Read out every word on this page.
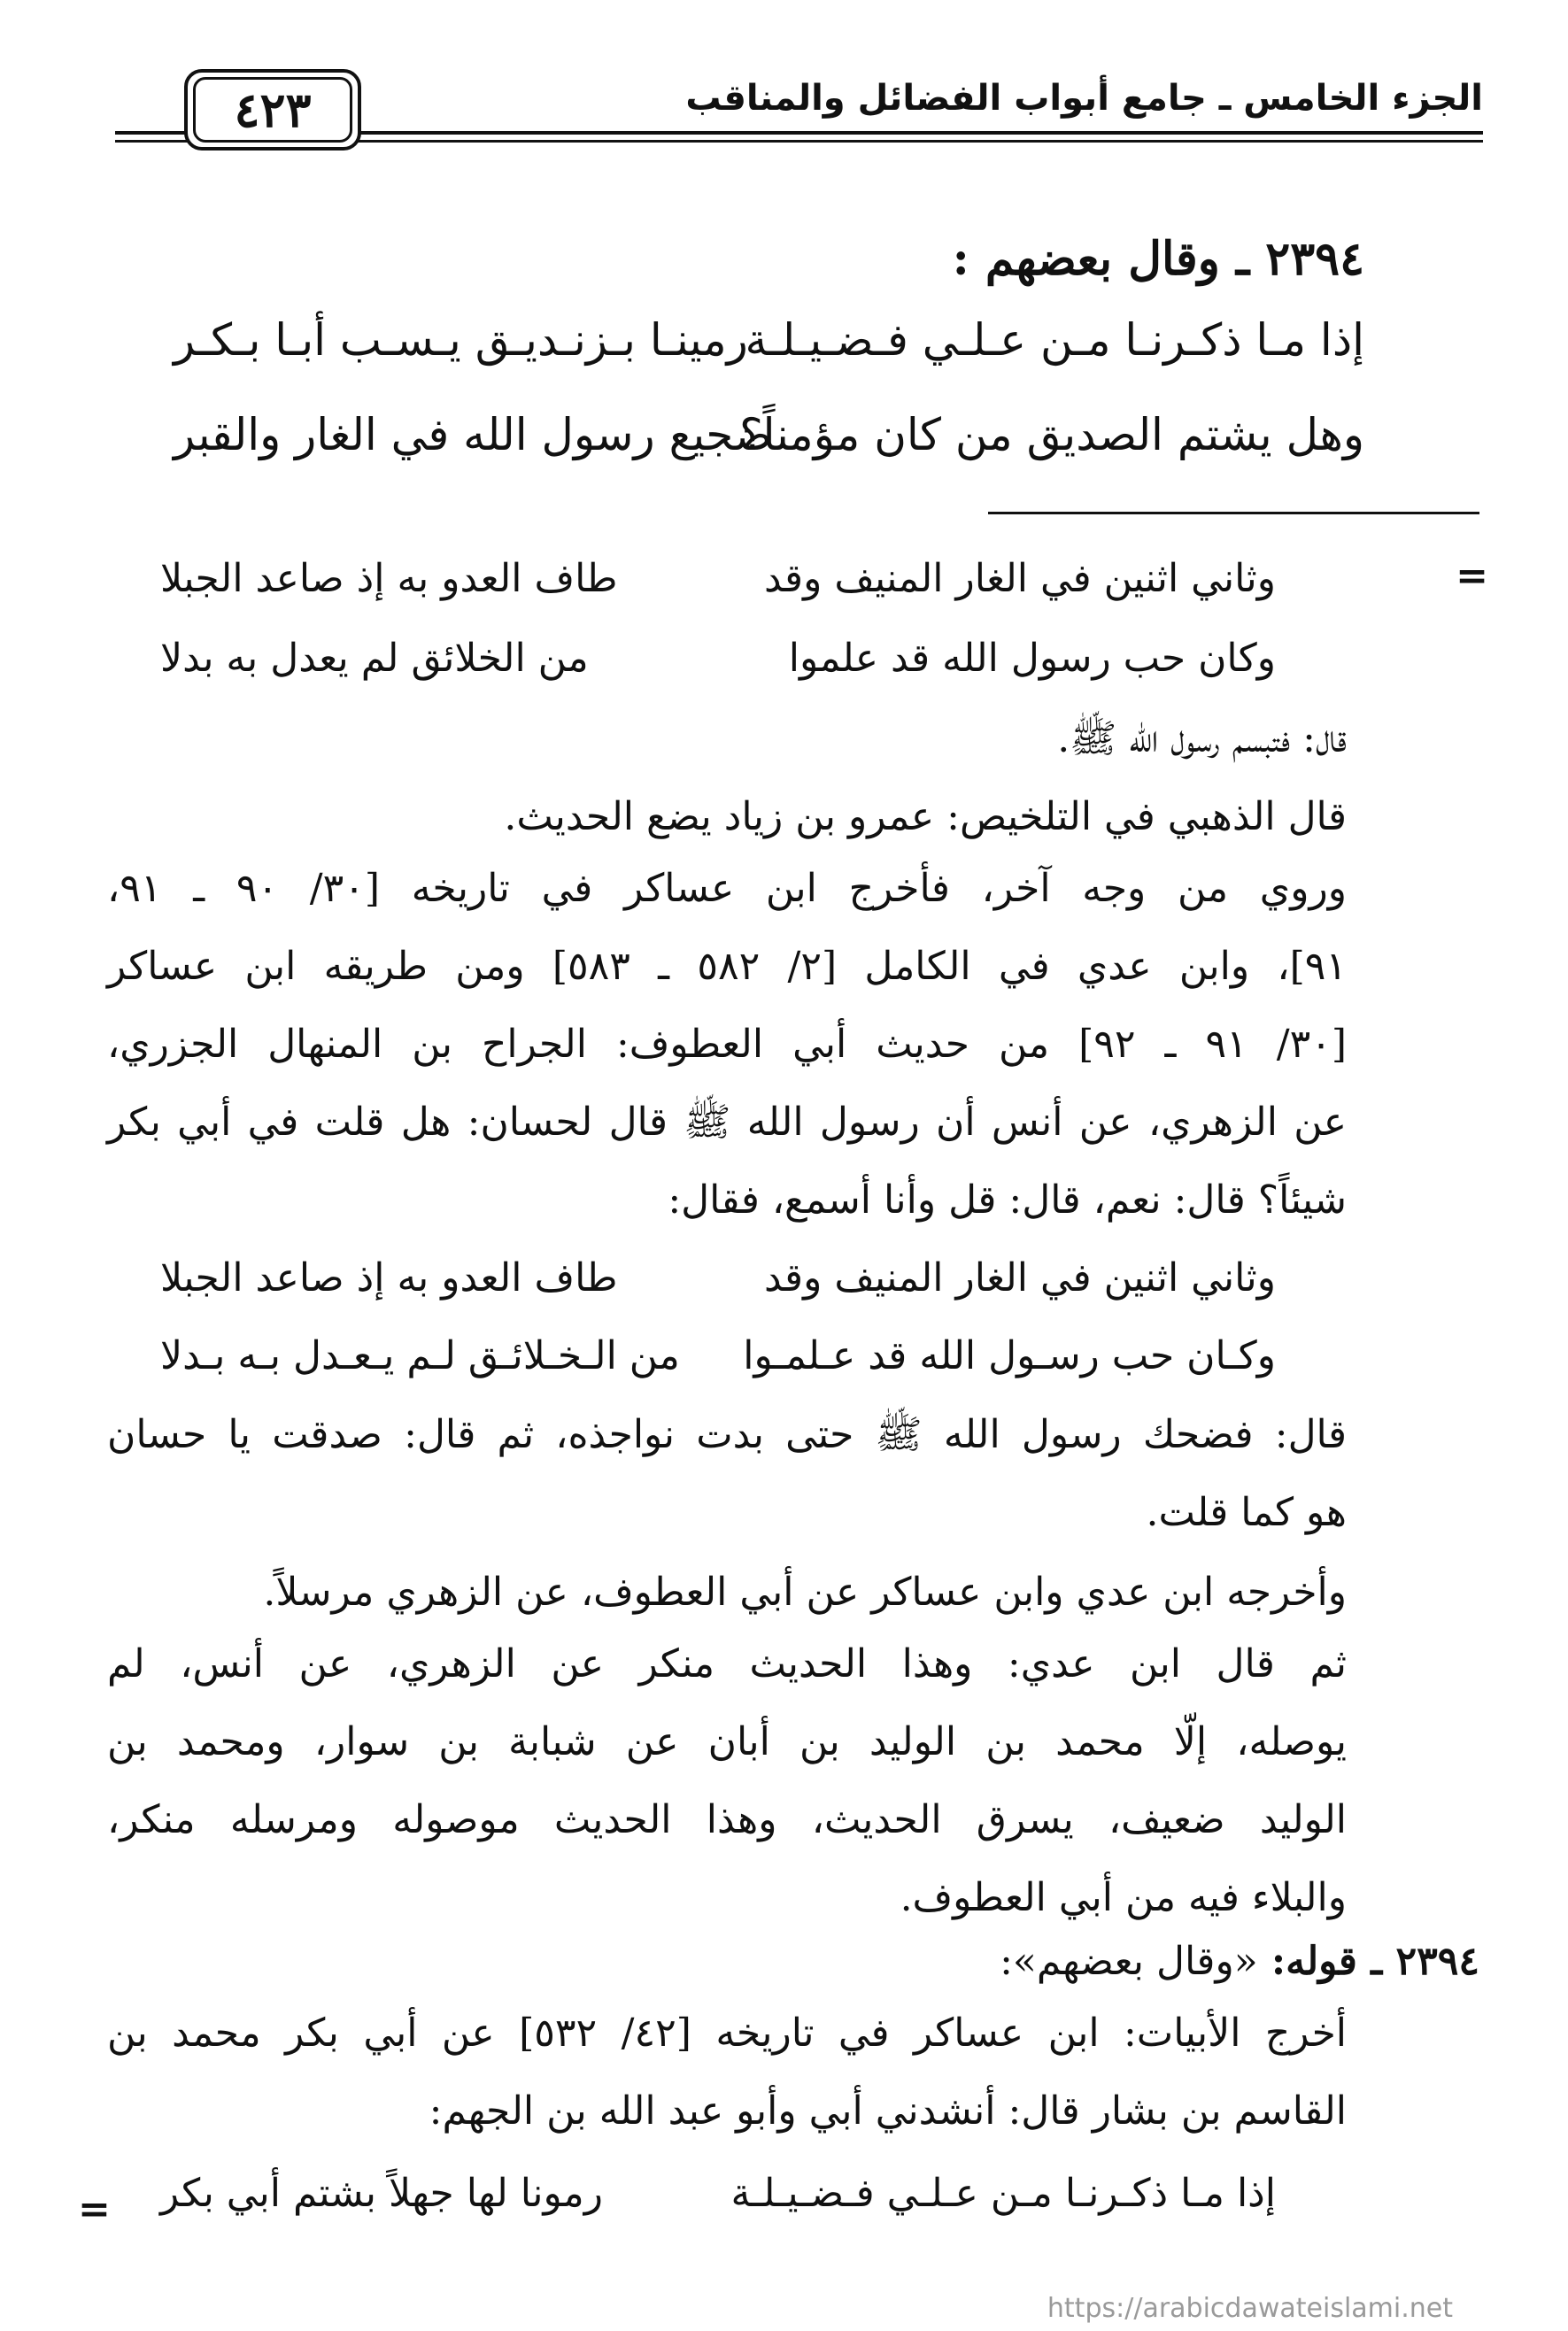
الجزء الخامس ـ جامع أبواب الفضائل والمناقب
٤٢٣
٢٣٩٤ ـ وقال بعضهم :
إذا مـا ذكـرنـا مـن عـلـي فـضـيـلـة
رمينـا بـزنـديـق يـسـب أبـا بـكـر
وهل يشتم الصديق من كان مؤمناً؟
ضجيع رسول الله في الغار والقبر
=
وثاني اثنين في الغار المنيف وقد
طاف العدو به إذ صاعد الجبلا
وكان حب رسول الله قد علموا
من الخلائق لم يعدل به بدلا
قال: فتبسم رسول الله ﷺ.
قال الذهبي في التلخيص: عمرو بن زياد يضع الحديث.
وروي من وجه آخر، فأخرج ابن عساكر في تاريخه [٣٠/ ٩٠ ـ ٩١،
٩١]، وابن عدي في الكامل [٢/ ٥٨٢ ـ ٥٨٣] ومن طريقه ابن عساكر
[٣٠/ ٩١ ـ ٩٢] من حديث أبي العطوف: الجراح بن المنهال الجزري،
عن الزهري، عن أنس أن رسول الله ﷺ قال لحسان: هل قلت في أبي بكر
شيئاً؟ قال: نعم، قال: قل وأنا أسمع، فقال:
وثاني اثنين في الغار المنيف وقد
طاف العدو به إذ صاعد الجبلا
وكـان حب رسـول الله قد عـلمـوا
من الـخـلائـق لـم يـعـدل بـه بـدلا
قال: فضحك رسول الله ﷺ حتى بدت نواجذه، ثم قال: صدقت يا حسان
هو كما قلت.
وأخرجه ابن عدي وابن عساكر عن أبي العطوف، عن الزهري مرسلاً.
ثم قال ابن عدي: وهذا الحديث منكر عن الزهري، عن أنس، لم
يوصله، إلّا محمد بن الوليد بن أبان عن شبابة بن سوار، ومحمد بن
الوليد ضعيف، يسرق الحديث، وهذا الحديث موصوله ومرسله منكر،
والبلاء فيه من أبي العطوف.
٢٣٩٤ ـ قوله: «وقال بعضهم»:
أخرج الأبيات: ابن عساكر في تاريخه [٤٢/ ٥٣٢] عن أبي بكر محمد بن
القاسم بن بشار قال: أنشدني أبي وأبو عبد الله بن الجهم:
إذا مـا ذكـرنـا مـن عـلـي فـضـيـلـة
رمونا لها جهلاً بشتم أبي بكر
=
https://arabicdawateislami.net
